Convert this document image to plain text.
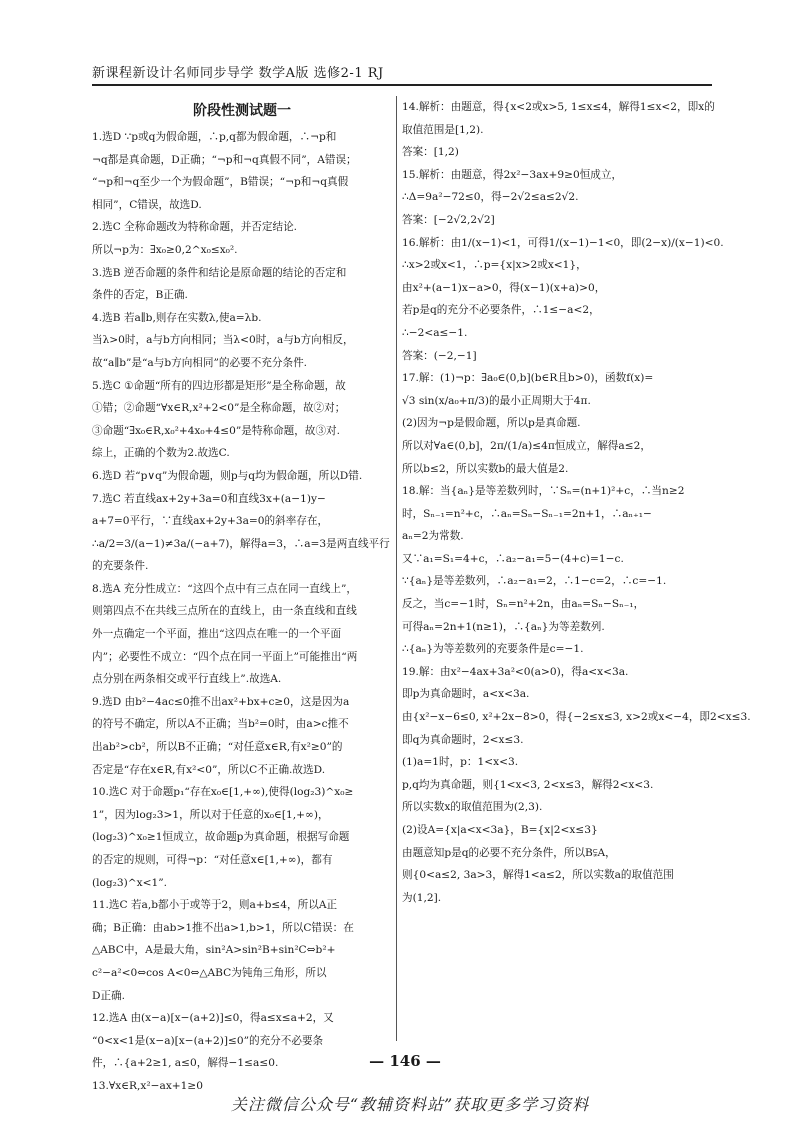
新课程新设计名师同步导学 数学A版 选修2-1 RJ
阶段性测试题一
1.选D ∵p或q为假命题，∴p,q都为假命题，∴¬p和
¬q都是真命题，D正确；“¬p和¬q真假不同”，A错误；
“¬p和¬q至少一个为假命题”，B错误；“¬p和¬q真假
相同”，C错误，故选D.
2.选C 全称命题改为特称命题，并否定结论.
所以¬p为：∃x₀≥0,2^x₀≤x₀².
3.选B 逆否命题的条件和结论是原命题的结论的否定和
条件的否定，B正确.
4.选B 若a∥b,则存在实数λ,使a=λb.
当λ>0时，a与b方向相同；当λ<0时，a与b方向相反，
故“a∥b”是“a与b方向相同”的必要不充分条件.
5.选C ①命题“所有的四边形都是矩形”是全称命题，故
①错；②命题“∀x∈R,x²+2<0”是全称命题，故②对；
③命题“∃x₀∈R,x₀²+4x₀+4≤0”是特称命题，故③对.
综上，正确的个数为2.故选C.
6.选D 若“p∨q”为假命题，则p与q均为假命题，所以D错.
7.选C 若直线ax+2y+3a=0和直线3x+(a−1)y−
a+7=0平行，∵直线ax+2y+3a=0的斜率存在，
∴a/2=3/(a−1)≠3a/(−a+7)，解得a=3，∴a=3是两直线平行
的充要条件.
8.选A 充分性成立：“这四个点中有三点在同一直线上”，
则第四点不在共线三点所在的直线上，由一条直线和直线
外一点确定一个平面，推出“这四点在唯一的一个平面
内”；必要性不成立：“四个点在同一平面上”可能推出“两
点分别在两条相交或平行直线上”.故选A.
9.选D 由b²−4ac≤0推不出ax²+bx+c≥0，这是因为a
的符号不确定，所以A不正确；当b²=0时，由a>c推不
出ab²>cb²，所以B不正确；“对任意x∈R,有x²≥0”的
否定是“存在x∈R,有x²<0”，所以C不正确.故选D.
10.选C 对于命题p₁“存在x₀∈[1,+∞),使得(log₂3)^x₀≥
1”，因为log₂3>1，所以对于任意的x₀∈[1,+∞)，
(log₂3)^x₀≥1恒成立，故命题p为真命题，根据写命题
的否定的规则，可得¬p：“对任意x∈[1,+∞)，都有
(log₂3)^x<1”.
11.选C 若a,b都小于或等于2，则a+b≤4，所以A正
确；B正确：由ab>1推不出a>1,b>1，所以C错误：在
△ABC中，A是最大角，sin²A>sin²B+sin²C⇔b²+
c²−a²<0⇔cos A<0⇔△ABC为钝角三角形，所以
D正确.
12.选A 由(x−a)[x−(a+2)]≤0，得a≤x≤a+2，又
“0<x<1是(x−a)[x−(a+2)]≤0”的充分不必要条
件，∴{a+2≥1, a≤0，解得−1≤a≤0.
13.∀x∈R,x²−ax+1≥0
14.解析：由题意，得{x<2或x>5, 1≤x≤4，解得1≤x<2，即x的
取值范围是[1,2).
答案：[1,2)
15.解析：由题意，得2x²−3ax+9≥0恒成立，
∴Δ=9a²−72≤0，得−2√2≤a≤2√2.
答案：[−2√2,2√2]
16.解析：由1/(x−1)<1，可得1/(x−1)−1<0，即(2−x)/(x−1)<0.
∴x>2或x<1，∴p={x|x>2或x<1}，
由x²+(a−1)x−a>0，得(x−1)(x+a)>0，
若p是q的充分不必要条件，∴1≤−a<2，
∴−2<a≤−1.
答案：(−2,−1]
17.解：(1)¬p：∃a₀∈(0,b](b∈R且b>0)，函数f(x)=
√3 sin(x/a₀+π/3)的最小正周期大于4π.
(2)因为¬p是假命题，所以p是真命题.
所以对∀a∈(0,b]，2π/(1/a)≤4π恒成立，解得a≤2，
所以b≤2，所以实数b的最大值是2.
18.解：当{aₙ}是等差数列时，∵Sₙ=(n+1)²+c，∴当n≥2
时，Sₙ₋₁=n²+c，∴aₙ=Sₙ−Sₙ₋₁=2n+1，∴aₙ₊₁−
aₙ=2为常数.
又∵a₁=S₁=4+c，∴a₂−a₁=5−(4+c)=1−c.
∵{aₙ}是等差数列，∴a₂−a₁=2，∴1−c=2，∴c=−1.
反之，当c=−1时，Sₙ=n²+2n，由aₙ=Sₙ−Sₙ₋₁，
可得aₙ=2n+1(n≥1)，∴{aₙ}为等差数列.
∴{aₙ}为等差数列的充要条件是c=−1.
19.解：由x²−4ax+3a²<0(a>0)，得a<x<3a.
即p为真命题时，a<x<3a.
由{x²−x−6≤0, x²+2x−8>0，得{−2≤x≤3, x>2或x<−4，即2<x≤3.
即q为真命题时，2<x≤3.
(1)a=1时，p：1<x<3.
p,q均为真命题，则{1<x<3, 2<x≤3，解得2<x<3.
所以实数x的取值范围为(2,3).
(2)设A={x|a<x<3a}，B={x|2<x≤3}
由题意知p是q的必要不充分条件，所以B⫋A，
则{0<a≤2, 3a>3，解得1<a≤2，所以实数a的取值范围
为(1,2].
— 146 —
关注微信公众号“教辅资料站”获取更多学习资料
